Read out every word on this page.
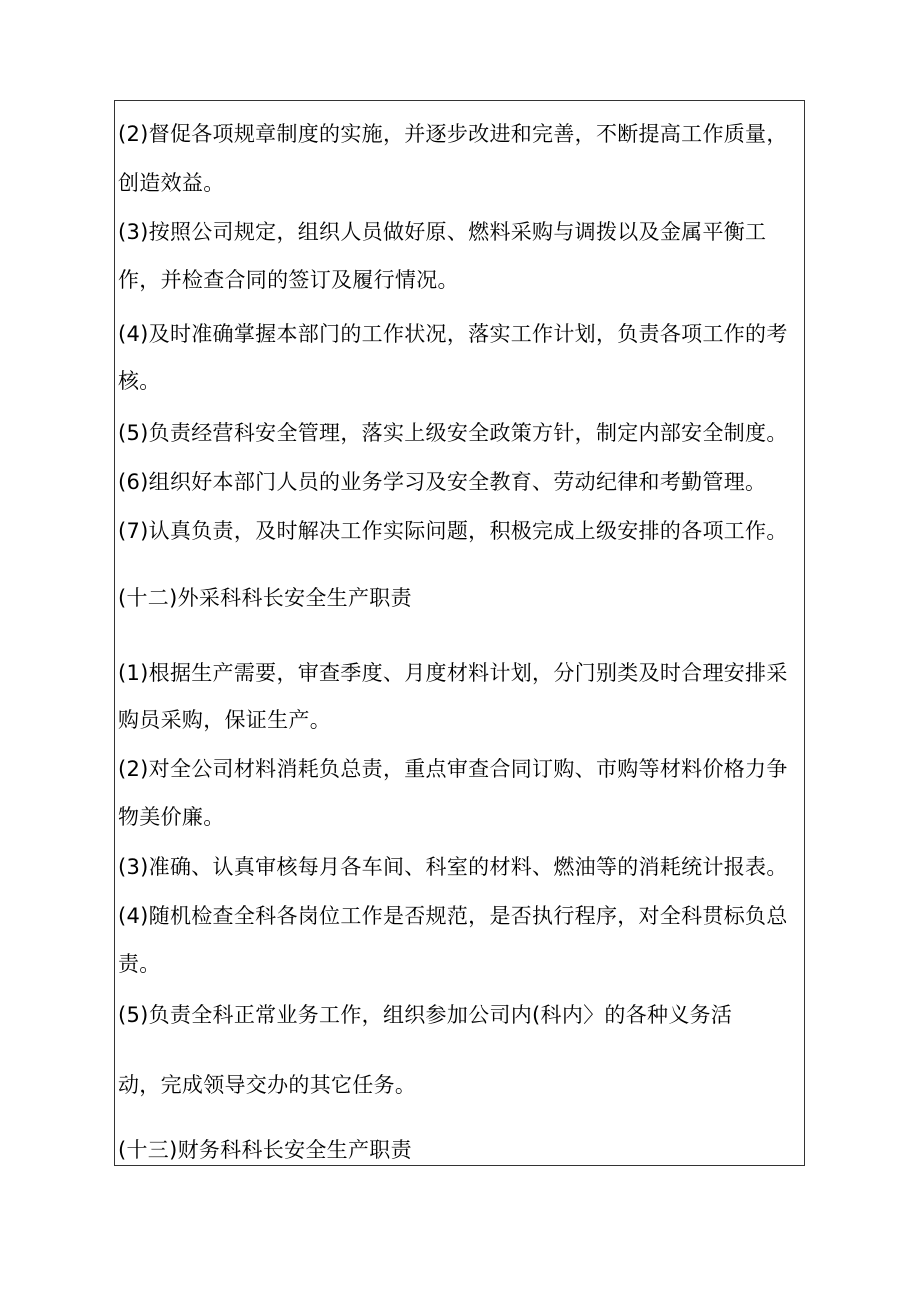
(2)督促各项规章制度的实施，并逐步改进和完善，不断提高工作质量，
创造效益。
(3)按照公司规定，组织人员做好原、燃料采购与调拨以及金属平衡工
作，并检查合同的签订及履行情况。
(4)及时准确掌握本部门的工作状况，落实工作计划，负责各项工作的考
核。
(5)负责经营科安全管理，落实上级安全政策方针，制定内部安全制度。
(6)组织好本部门人员的业务学习及安全教育、劳动纪律和考勤管理。
(7)认真负责，及时解决工作实际问题，积极完成上级安排的各项工作。
(十二)外采科科长安全生产职责
(1)根据生产需要，审查季度、月度材料计划，分门别类及时合理安排采
购员采购，保证生产。
(2)对全公司材料消耗负总责，重点审查合同订购、市购等材料价格力争
物美价廉。
(3)准确、认真审核每月各车间、科室的材料、燃油等的消耗统计报表。
(4)随机检查全科各岗位工作是否规范，是否执行程序，对全科贯标负总
责。
(5)负责全科正常业务工作，组织参加公司内(科内〉的各种义务活
动，完成领导交办的其它任务。
(十三)财务科科长安全生产职责
